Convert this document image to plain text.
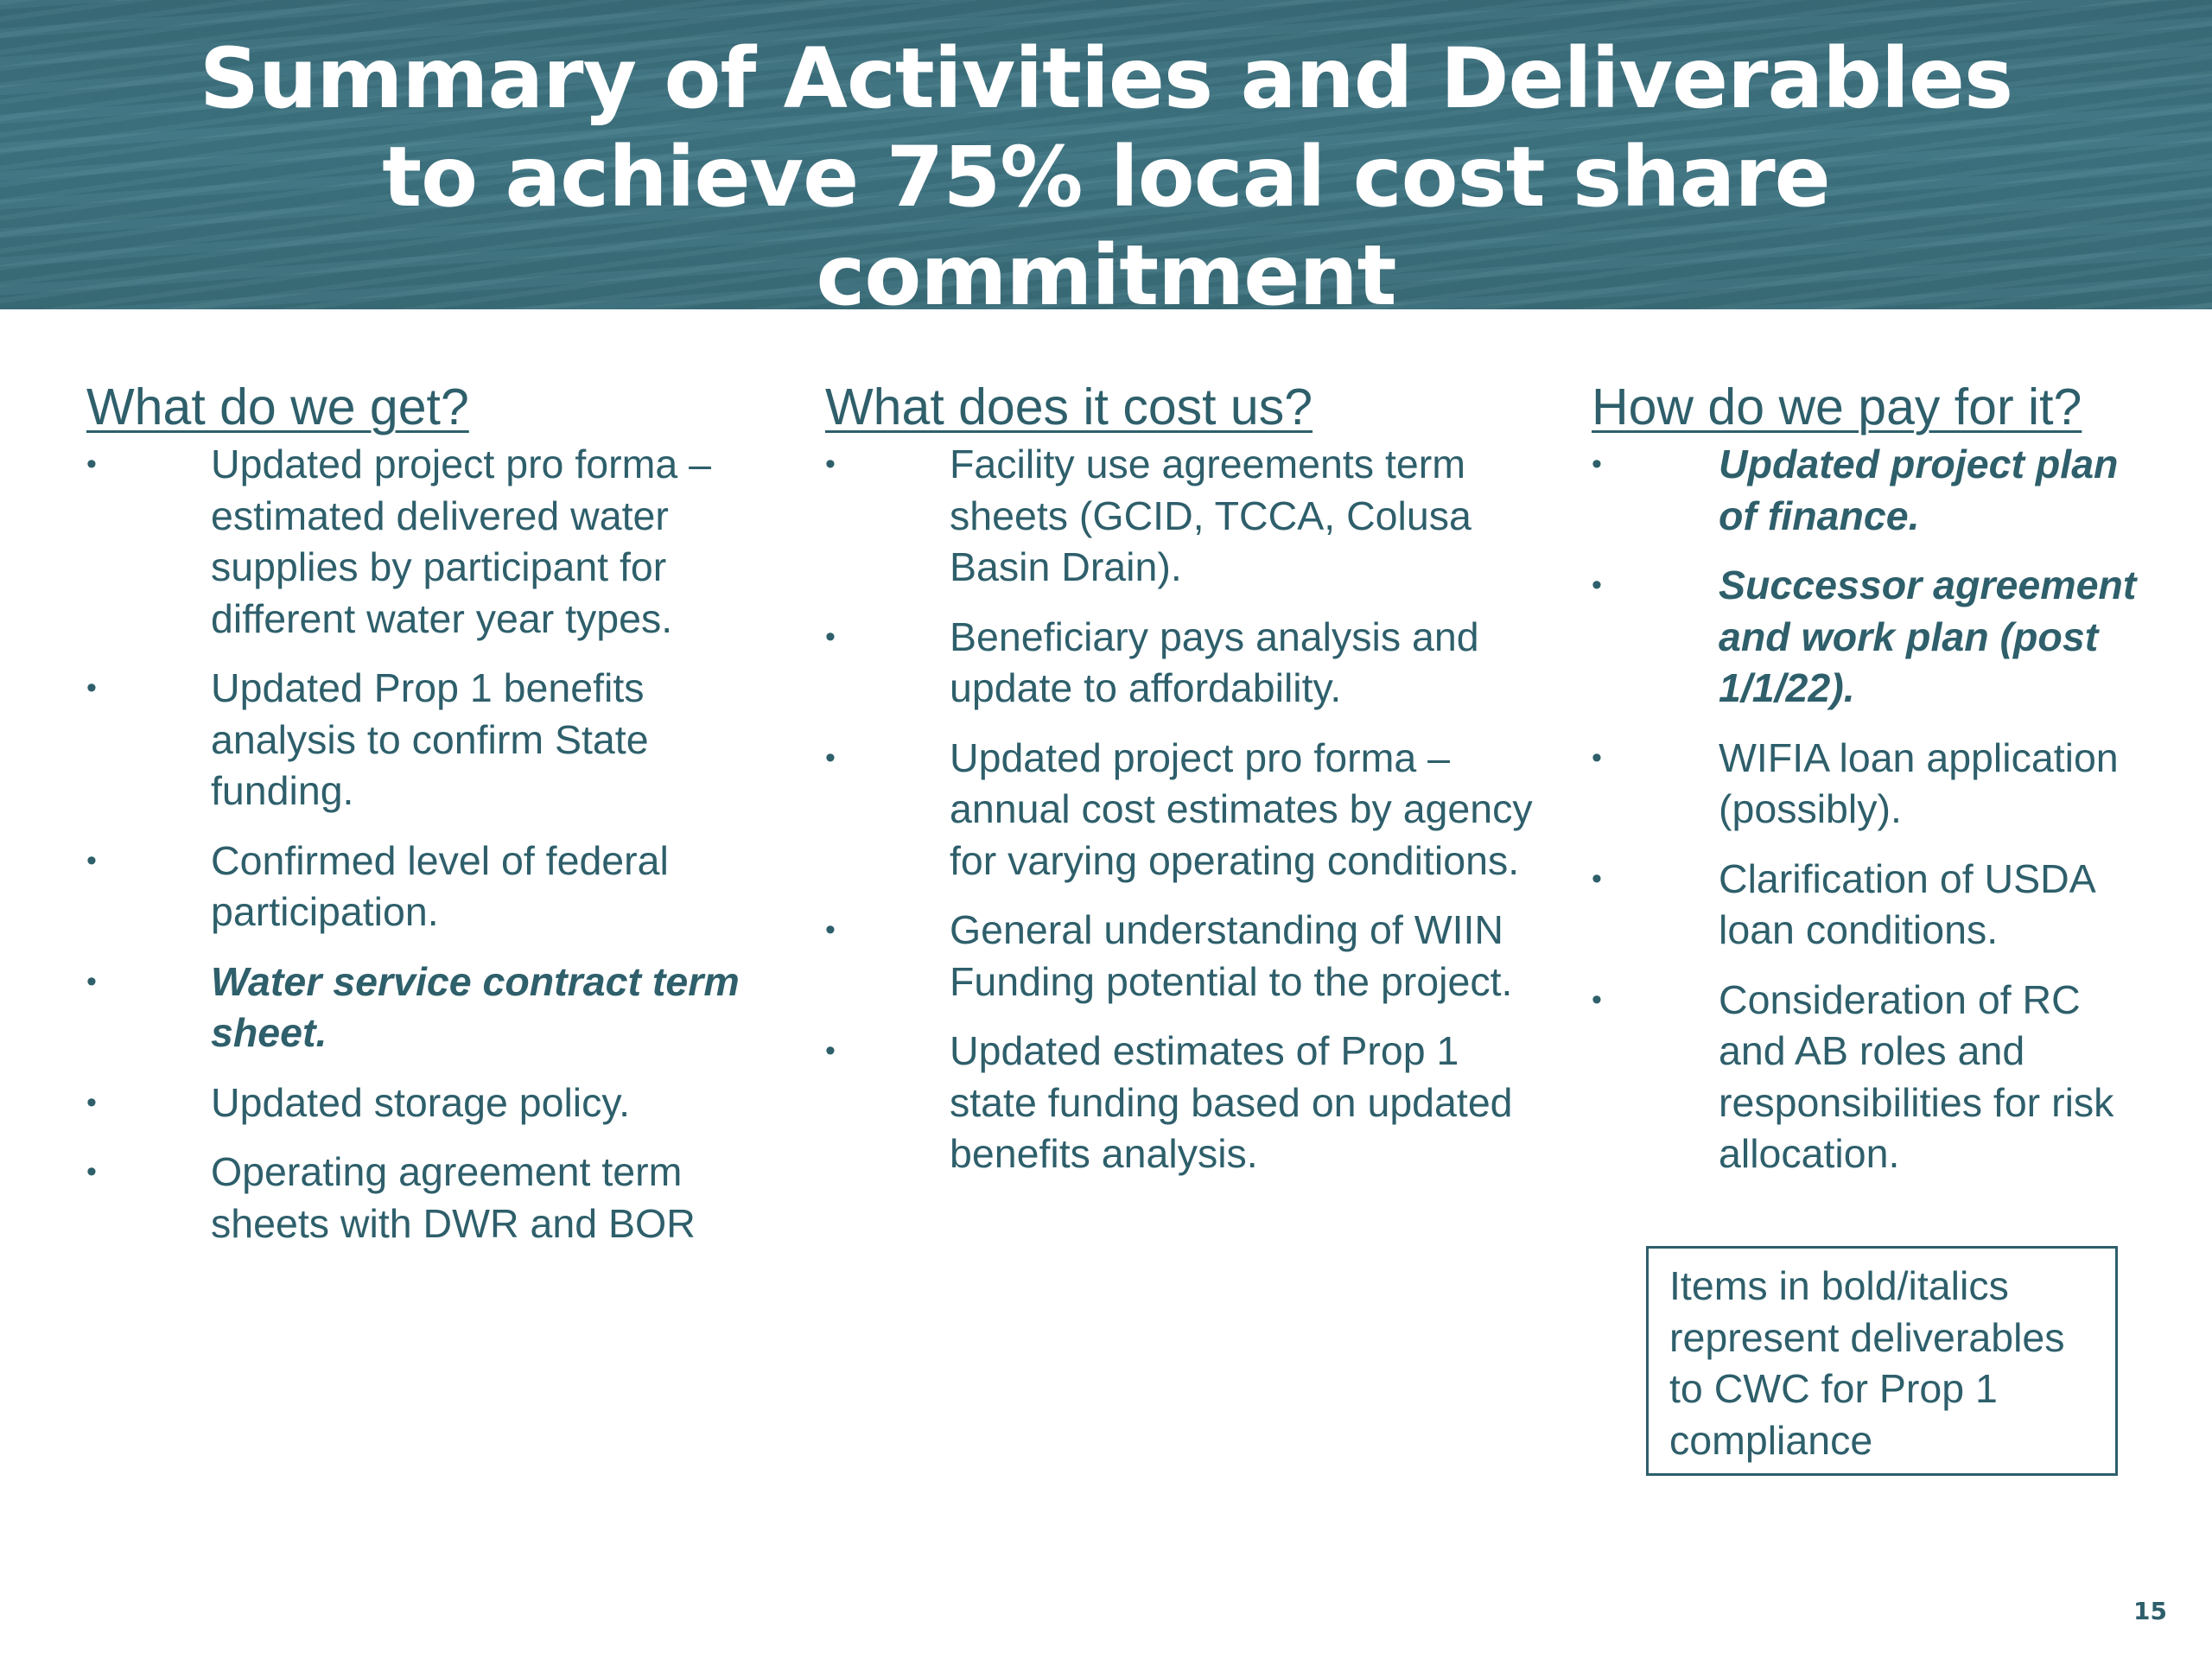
Summary of Activities and Deliverables
to achieve 75% local cost share
commitment
What do we get?
•	Updated project pro forma – estimated delivered water supplies by participant for different water year types.
•	Updated Prop 1 benefits analysis to confirm State funding.
•	Confirmed level of federal participation.
•	Water service contract term sheet.
•	Updated storage policy.
•	Operating agreement term sheets with DWR and BOR
What does it cost us?
•	Facility use agreements term sheets (GCID, TCCA, Colusa Basin Drain).
•	Beneficiary pays analysis and update to affordability.
•	Updated project pro forma – annual cost estimates by agency for varying operating conditions.
•	General understanding of WIIN Funding potential to the project.
•	Updated estimates of Prop 1 state funding based on updated benefits analysis.
How do we pay for it?
•	Updated project plan of finance.
•	Successor agreement and work plan (post 1/1/22).
•	WIFIA loan application (possibly).
•	Clarification of USDA loan conditions.
•	Consideration of RC and AB roles and responsibilities for risk allocation.
Items in bold/italics represent deliverables to CWC for Prop 1 compliance
15
